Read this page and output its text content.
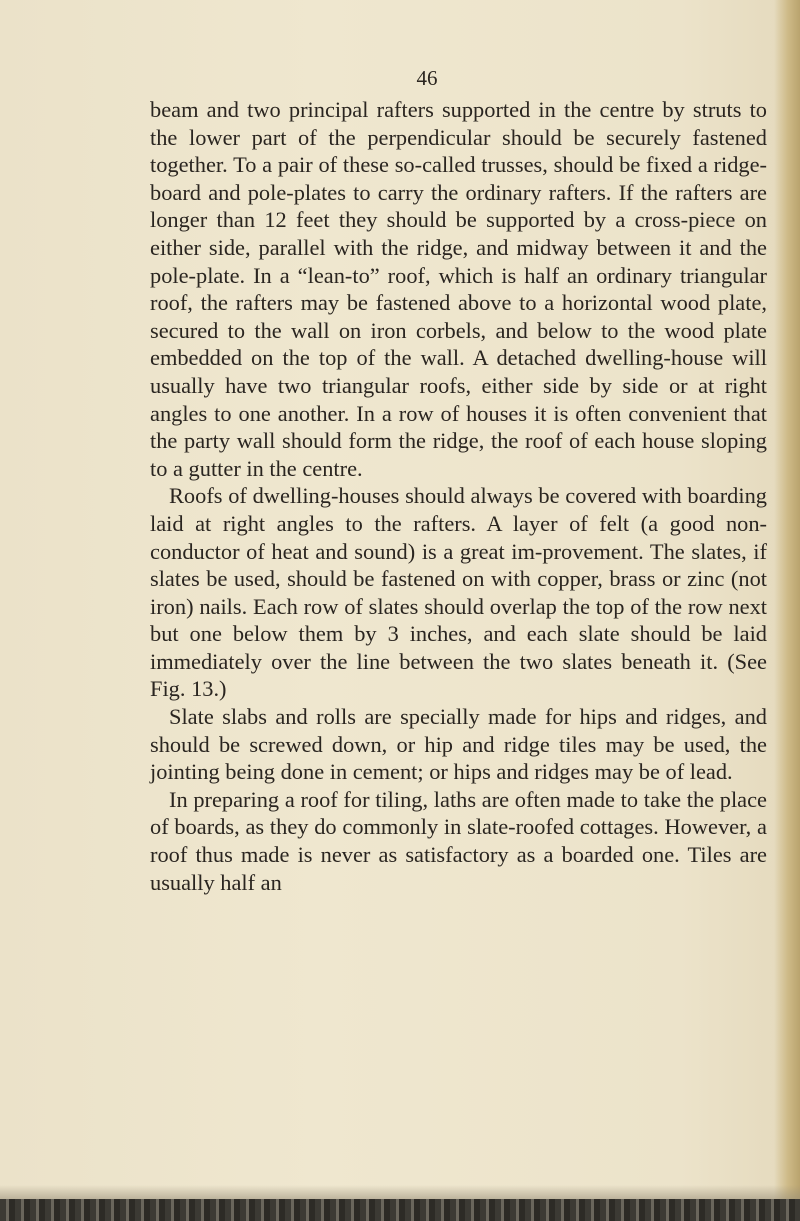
46

beam and two principal rafters supported in the centre by struts to the lower part of the perpendicular should be securely fastened together. To a pair of these so-called trusses, should be fixed a ridge-board and pole-plates to carry the ordinary rafters. If the rafters are longer than 12 feet they should be supported by a cross-piece on either side, parallel with the ridge, and midway between it and the pole-plate. In a “lean-to” roof, which is half an ordinary triangular roof, the rafters may be fastened above to a horizontal wood plate, secured to the wall on iron corbels, and below to the wood plate embedded on the top of the wall. A detached dwelling-house will usually have two triangular roofs, either side by side or at right angles to one another. In a row of houses it is often convenient that the party wall should form the ridge, the roof of each house sloping to a gutter in the centre.

Roofs of dwelling-houses should always be covered with boarding laid at right angles to the rafters. A layer of felt (a good non-conductor of heat and sound) is a great im-provement. The slates, if slates be used, should be fastened on with copper, brass or zinc (not iron) nails. Each row of slates should overlap the top of the row next but one below them by 3 inches, and each slate should be laid immediately over the line between the two slates beneath it. (See Fig. 13.)

Slate slabs and rolls are specially made for hips and ridges, and should be screwed down, or hip and ridge tiles may be used, the jointing being done in cement; or hips and ridges may be of lead.

In preparing a roof for tiling, laths are often made to take the place of boards, as they do commonly in slate-roofed cottages. However, a roof thus made is never as satisfactory as a boarded one. Tiles are usually half an
